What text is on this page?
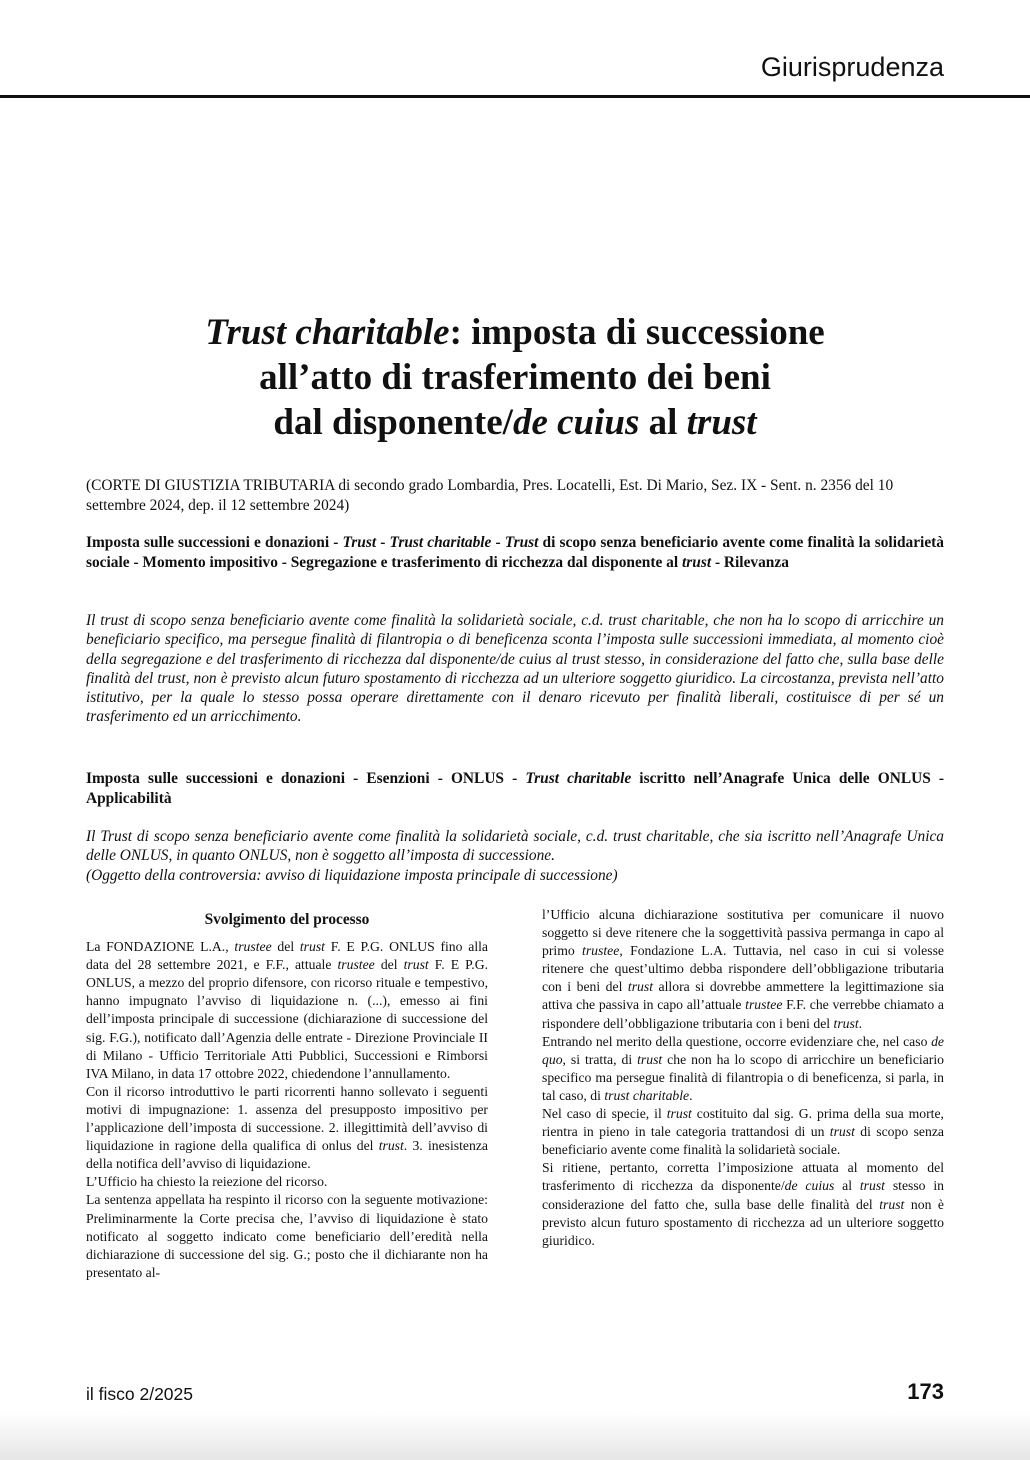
Giurisprudenza
Trust charitable: imposta di successione
all’atto di trasferimento dei beni
dal disponente/de cuius al trust
(CORTE DI GIUSTIZIA TRIBUTARIA di secondo grado Lombardia, Pres. Locatelli, Est. Di Mario, Sez. IX - Sent. n. 2356 del 10 settembre 2024, dep. il 12 settembre 2024)
Imposta sulle successioni e donazioni - Trust - Trust charitable - Trust di scopo senza beneficiario avente come finalità la solidarietà sociale - Momento impositivo - Segregazione e trasferimento di ricchezza dal disponente al trust - Rilevanza
Il trust di scopo senza beneficiario avente come finalità la solidarietà sociale, c.d. trust charitable, che non ha lo scopo di arricchire un beneficiario specifico, ma persegue finalità di filantropia o di beneficenza sconta l’imposta sulle successioni immediata, al momento cioè della segregazione e del trasferimento di ricchezza dal disponente/de cuius al trust stesso, in considerazione del fatto che, sulla base delle finalità del trust, non è previsto alcun futuro spostamento di ricchezza ad un ulteriore soggetto giuridico. La circostanza, prevista nell’atto istitutivo, per la quale lo stesso possa operare direttamente con il denaro ricevuto per finalità liberali, costituisce di per sé un trasferimento ed un arricchimento.
Imposta sulle successioni e donazioni - Esenzioni - ONLUS - Trust charitable iscritto nell’Anagrafe Unica delle ONLUS - Applicabilità
Il Trust di scopo senza beneficiario avente come finalità la solidarietà sociale, c.d. trust charitable, che sia iscritto nell’Anagrafe Unica delle ONLUS, in quanto ONLUS, non è soggetto all’imposta di successione.
(Oggetto della controversia: avviso di liquidazione imposta principale di successione)
Svolgimento del processo

La FONDAZIONE L.A., trustee del trust F. E P.G. ONLUS fino alla data del 28 settembre 2021, e F.F., attuale trustee del trust F. E P.G. ONLUS, a mezzo del proprio difensore, con ricorso rituale e tempestivo, hanno impugnato l’avviso di liquidazione n. (...), emesso ai fini dell’imposta principale di successione (dichiarazione di successione del sig. F.G.), notificato dall’Agenzia delle entrate - Direzione Provinciale II di Milano - Ufficio Territoriale Atti Pubblici, Successioni e Rimborsi IVA Milano, in data 17 ottobre 2022, chiedendone l’annullamento.

Con il ricorso introduttivo le parti ricorrenti hanno sollevato i seguenti motivi di impugnazione: 1. assenza del presupposto impositivo per l’applicazione dell’imposta di successione. 2. illegittimità dell’avviso di liquidazione in ragione della qualifica di onlus del trust. 3. inesistenza della notifica dell’avviso di liquidazione.

L’Ufficio ha chiesto la reiezione del ricorso.

La sentenza appellata ha respinto il ricorso con la seguente motivazione: Preliminarmente la Corte precisa che, l’avviso di liquidazione è stato notificato al soggetto indicato come beneficiario dell’eredità nella dichiarazione di successione del sig. G.; posto che il dichiarante non ha presentato al-

l’Ufficio alcuna dichiarazione sostitutiva per comunicare il nuovo soggetto si deve ritenere che la soggettività passiva permanga in capo al primo trustee, Fondazione L.A. Tuttavia, nel caso in cui si volesse ritenere che quest’ultimo debba rispondere dell’obbligazione tributaria con i beni del trust allora si dovrebbe ammettere la legittimazione sia attiva che passiva in capo all’attuale trustee F.F. che verrebbe chiamato a rispondere dell’obbligazione tributaria con i beni del trust.

Entrando nel merito della questione, occorre evidenziare che, nel caso de quo, si tratta, di trust che non ha lo scopo di arricchire un beneficiario specifico ma persegue finalità di filantropia o di beneficenza, si parla, in tal caso, di trust charitable.

Nel caso di specie, il trust costituito dal sig. G. prima della sua morte, rientra in pieno in tale categoria trattandosi di un trust di scopo senza beneficiario avente come finalità la solidarietà sociale.

Si ritiene, pertanto, corretta l’imposizione attuata al momento del trasferimento di ricchezza da disponente/de cuius al trust stesso in considerazione del fatto che, sulla base delle finalità del trust non è previsto alcun futuro spostamento di ricchezza ad un ulteriore soggetto giuridico.

il fisco 2/2025	173
